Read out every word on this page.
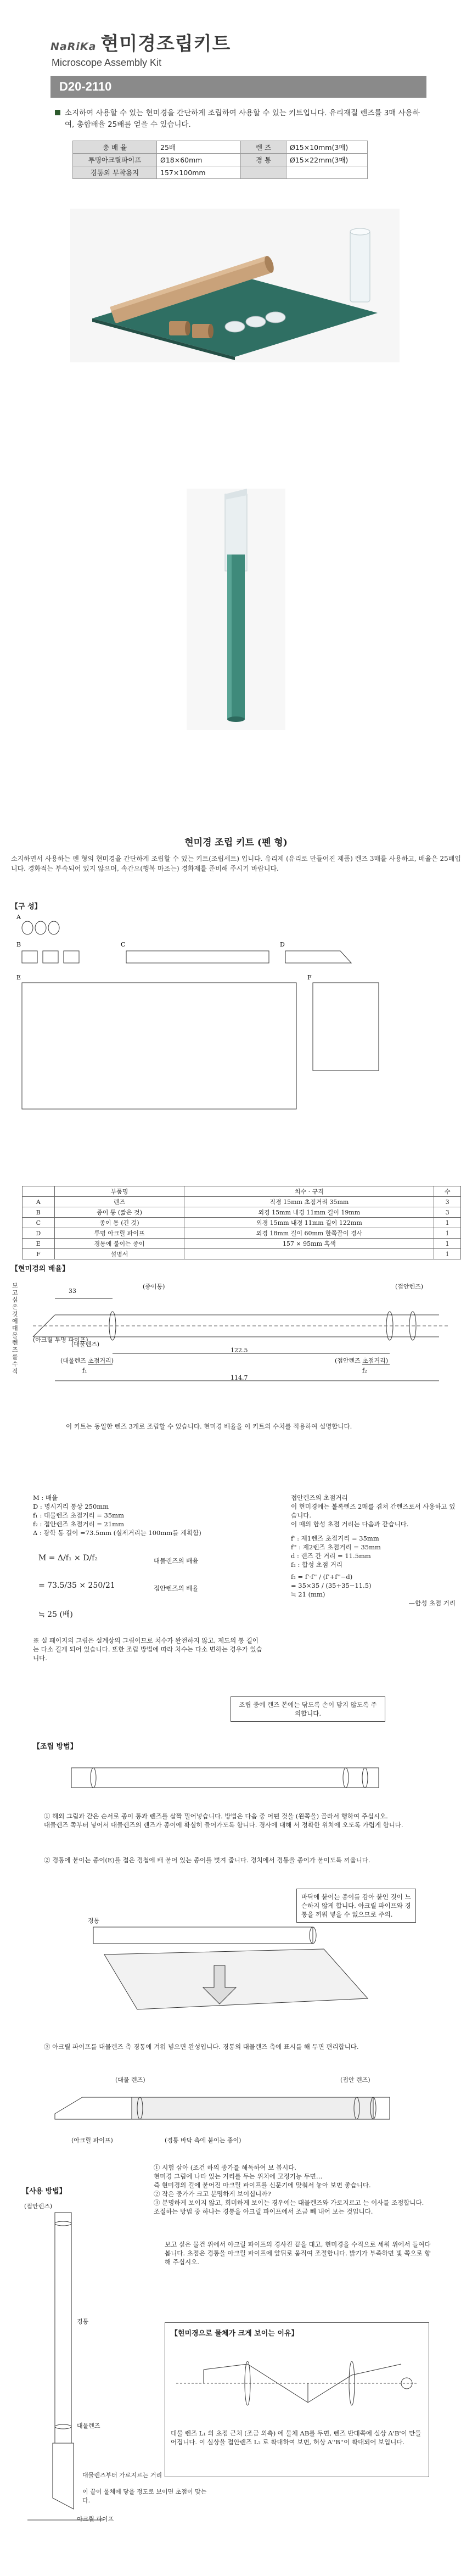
NaRiKa 현미경조립키트
Microscope Assembly Kit
D20-2110
소지하여 사용할 수 있는 현미경을 간단하게 조립하여 사용할 수 있는 키트입니다. 유리재질 렌즈를 3매 사용하여, 총합배율 25배를 얻을 수 있습니다.
총 배 율	25배	렌 즈	Ø15×10mm(3매)
투명아크릴파이프	Ø18×60mm	경 통	Ø15×22mm(3매)
경통외 부착용지	157×100mm		
현미경 조립 키트 (펜 형)
소지하면서 사용하는 펜 형의 현미경을 간단하게 조립할 수 있는 키트(조립세트) 입니다. 유리제 (유리로 만들어진 제품) 렌즈 3매를 사용하고, 배율은 25배입니다. 경화적는 부속되어 있지 않으며, 속간으(행복 마조는) 경화제를 준비해 주시기 바랍니다.
【구 성】
A
B	C	D
E	F
	부품명	치수 · 규격	수
A	렌즈	직경 15mm 초점거리 35mm	3
B	종이 통 (짧은 것)	외경 15mm 내경 11mm 길이 19mm	3
C	종이 통 (긴 것)	외경 15mm 내경 11mm 길이 122mm	1
D	투명 아크릴 파이프	외경 18mm 길이 60mm 한쪽끝이 경사	1
E	경통에 붙이는 종이	157 × 95mm 흑색	1
F	설명서		1
【현미경의 배율】
보고싶은것에대물렌즈를수직
33
(종이통)	(접안렌즈)
(아크릴 투명 파이프)
(대물렌즈)
122.5
(대물렌즈 초점거리)	(접안렌즈 초점거리)
f₁	f₂
114.7
이 키트는 동일한 렌즈 3개로 조립할 수 있습니다. 현미경 배율을 이 키트의 수치를 적용하여 설명합니다.
M : 배율
D : 명시거리 통상 250mm
f₁ : 대물렌즈 초점거리 = 35mm
f₂ : 접안렌즈 초점거리 = 21mm
Δ : 광학 통 길이 =73.5mm (실제거리는 100mm를 계획함)
M = Δ/f₁ × D/f₂
= 73.5/35 × 250/21
≒ 25 (배)
대물렌즈의 배율
접안렌즈의 배율
접안렌즈의 초점거리
이 현미경에는 볼록렌즈 2매를 겹쳐 간렌즈로서 사용하고 있습니다.
이 때의 합성 초점 거리는 다음과 같습니다.
f' : 제1렌즈 초점거리 = 35mm
f'' : 제2렌즈 초점거리 = 35mm
d : 렌즈 간 거리 = 11.5mm
f₂ : 합성 초점 거리
f₂ = f'·f'' / (f'+f''−d)
= 35×35 / (35+35−11.5)
≒ 21 (mm)
—합성 초점 거리
※ 실 페이지의 그림은 설계상의 그림이므로 치수가 완전하지 않고, 제도의 통 길이는 다소 길게 되어 있습니다. 또한 조립 방법에 따라 치수는 다소 변하는 경우가 있습니다.
조립 중에 렌즈 본에는 닦도록 손이 닿지 않도록 주의합니다.
【조립 방법】
① 해외 그림과 같은 순서로 종이 통과 렌즈를 살짝 밀어넣습니다. 방법은 다음 중 어떤 것을 (왼쪽을) 골라서 행하여 주십시오.
대물렌즈 쪽부터 넣어서 대물렌즈의 렌즈가 종이에 확실히 들어가도록 합니다. 경사에 대해 서 정확한 위치에 오도록 가렵게 합니다.
② 경통에 붙이는 종이(E)를 접은 경첩에 배 붙어 있는 종이를 벗겨 줍니다. 경치에서 경통을 종이가 붙이도록 끼웁니다.
바닥에 붙이는 종이를 감아 붙인 것이 느슨하지 않게 합니다. 아크릴 파이프와 경통을 끼워 넣을 수 없으므로 주의.
경통
③ 아크릴 파이프를 대물렌즈 측 경통에 겨워 넣으면 완성입니다. 경통의 대물렌즈 측에 표시를 해 두면 편리합니다.
(대물 렌즈)	(접안 렌즈)
(아크릴 파이프)	(경통 바닥 측에 붙이는 종이)
【사용 방법】
① 시험 삼아 (조건 하의 종가를 해독하여 보 봅시다.
현미경 그림에 나타 있는 거리를 두는 위치에 고정기능 두면…
즉 현미경의 길에 붙어진 아크릴 파이프를 신문기에 맞춰서 놓아 보면 좋습니다.
② 작은 중가가 크고 분명하게 보이십니까?
③ 분명하게 보이지 않고, 희미하게 보이는 경우에는 대물렌즈와 가로지르고 는 이사를 조정합니다.
조절하는 방법 중 하나는 경통을 아크릴 파이프에서 조금 빼 내어 보는 것입니다.
보고 싶은 물건 위에서 아크릴 파이프의 경사진 끝을 대고, 현미경을 수직으로 세워 위에서 들여다봅니다. 초점은 경통을 아크릴 파이프에 앞뒤로 움직여 조절합니다. 밝기가 부족하면 빛 쪽으로 향해 주십시오.
(접안렌즈)
경통
대물렌즈
아크릴 파이프
대물렌즈부터 가로지르는 거리
이 끝이 물체에 닿을 정도로 보이면 초점이 맞는다.
【현미경으로 물체가 크게 보이는 이유】
대물 렌즈 L₁ 의 초점 근처 (조금 외측) 에 물체 AB를 두면, 렌즈 반대쪽에 실상 A'B'이 만들어집니다. 이 실상을 접안렌즈 L₂ 로 확대하여 보면, 허상 A''B''이 확대되어 보입니다.
